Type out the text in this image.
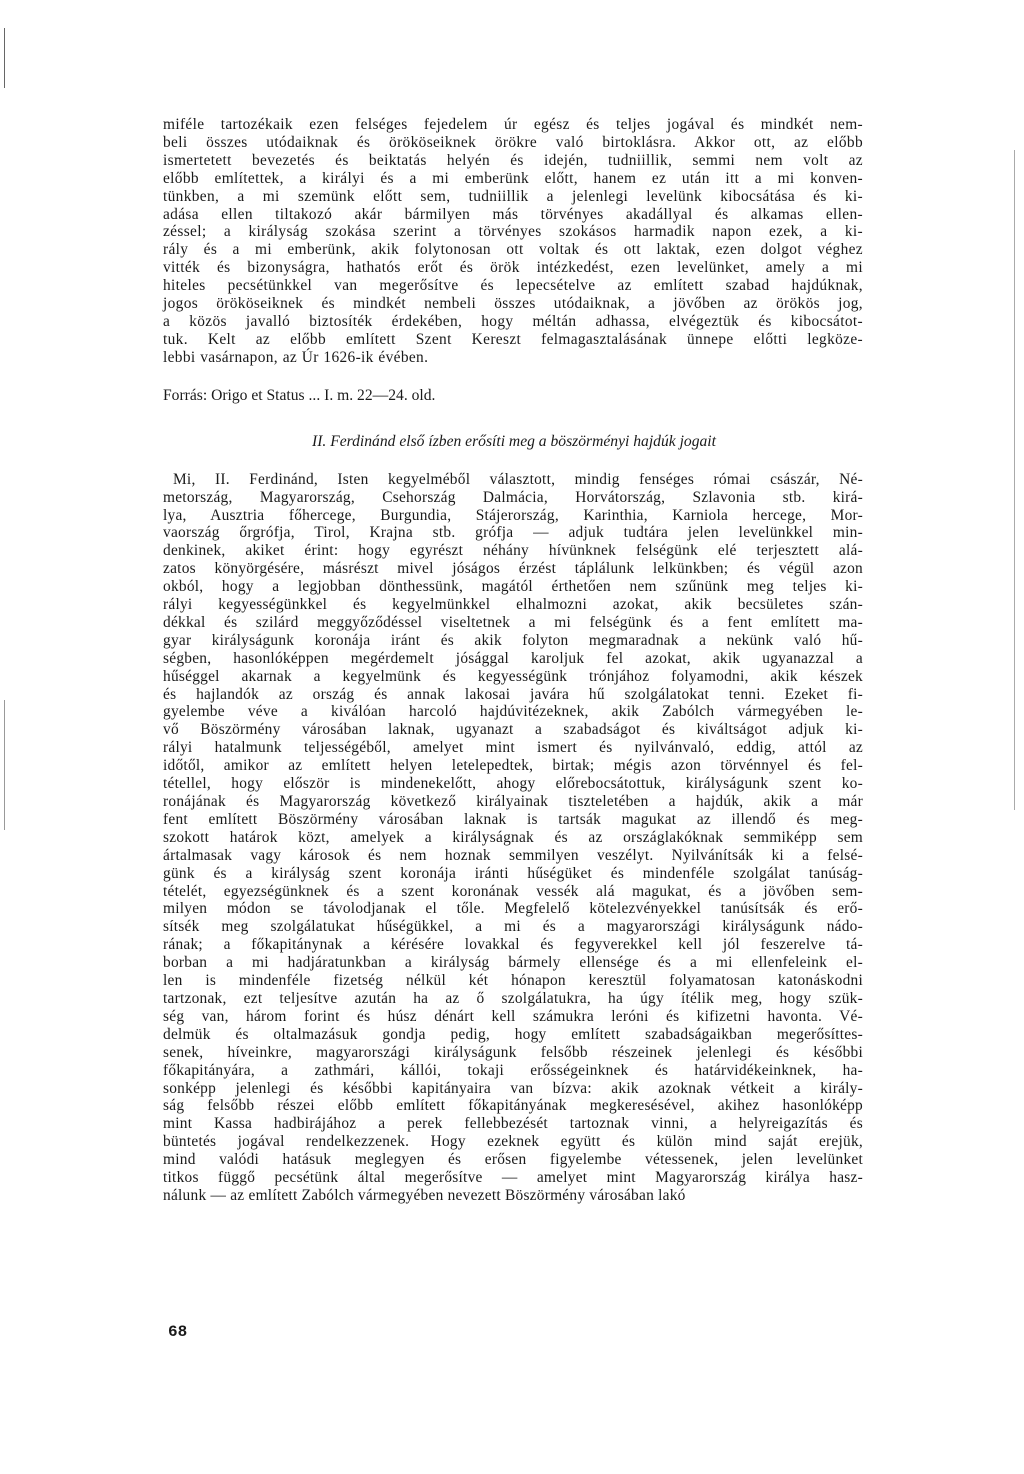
miféle tartozékaik ezen felséges fejedelem úr egész és teljes jogával és mindkét nem-
beli összes utódaiknak és örököseiknek örökre való birtoklásra. Akkor ott, az előbb
ismertetett bevezetés és beiktatás helyén és idején, tudniillik, semmi nem volt az
előbb említettek, a királyi és a mi emberünk előtt, hanem ez után itt a mi konven-
tünkben, a mi szemünk előtt sem, tudniillik a jelenlegi levelünk kibocsátása és ki-
adása ellen tiltakozó akár bármilyen más törvényes akadállyal és alkamas ellen-
zéssel; a királyság szokása szerint a törvényes szokásos harmadik napon ezek, a ki-
rály és a mi emberünk, akik folytonosan ott voltak és ott laktak, ezen dolgot véghez
vitték és bizonyságra, hathatós erőt és örök intézkedést, ezen levelünket, amely a mi
hiteles pecsétünkkel van megerősítve és lepecsételve az említett szabad hajdúknak,
jogos örököseiknek és mindkét nembeli összes utódaiknak, a jövőben az örökös jog,
a közös javalló biztosíték érdekében, hogy méltán adhassa, elvégeztük és kibocsátot-
tuk. Kelt az előbb említett Szent Kereszt felmagasztalásának ünnepe előtti legköze-
lebbi vasárnapon, az Úr 1626-ik évében.

Forrás: Origo et Status ... I. m. 22—24. old.

II. Ferdinánd első ízben erősíti meg a böszörményi hajdúk jogait

Mi, II. Ferdinánd, Isten kegyelméből választott, mindig fenséges római császár, Né-
metország, Magyarország, Csehország Dalmácia, Horvátország, Szlavonia stb. kirá-
lya, Ausztria főhercege, Burgundia, Stájerország, Karinthia, Karniola hercege, Mor-
vaország őrgrófja, Tirol, Krajna stb. grófja — adjuk tudtára jelen levelünkkel min-
denkinek, akiket érint: hogy egyrészt néhány hívünknek felségünk elé terjesztett alá-
zatos könyörgésére, másrészt mivel jóságos érzést táplálunk lelkünkben; és végül azon
okból, hogy a legjobban dönthessünk, magától érthetően nem szűnünk meg teljes ki-
rályi kegyességünkkel és kegyelmünkkel elhalmozni azokat, akik becsületes szán-
dékkal és szilárd meggyőződéssel viseltetnek a mi felségünk és a fent említett ma-
gyar királyságunk koronája iránt és akik folyton megmaradnak a nekünk való hű-
ségben, hasonlóképpen megérdemelt jósággal karoljuk fel azokat, akik ugyanazzal a
hűséggel akarnak a kegyelmünk és kegyességünk trónjához folyamodni, akik készek
és hajlandók az ország és annak lakosai javára hű szolgálatokat tenni. Ezeket fi-
gyelembe véve a kiválóan harcoló hajdúvitézeknek, akik Zabólch vármegyében le-
vő Böszörmény városában laknak, ugyanazt a szabadságot és kiváltságot adjuk ki-
rályi hatalmunk teljességéből, amelyet mint ismert és nyilvánvaló, eddig, attól az
időtől, amikor az említett helyen letelepedtek, birtak; mégis azon törvénnyel és fel-
tétellel, hogy először is mindenekelőtt, ahogy előrebocsátottuk, királyságunk szent ko-
ronájának és Magyarország következő királyainak tiszteletében a hajdúk, akik a már
fent említett Böszörmény városában laknak is tartsák magukat az illendő és meg-
szokott határok közt, amelyek a királyságnak és az országlakóknak semmiképp sem
ártalmasak vagy károsok és nem hoznak semmilyen veszélyt. Nyilvánítsák ki a felsé-
günk és a királyság szent koronája iránti hűségüket és mindenféle szolgálat tanúság-
tételét, egyezségünknek és a szent koronának vessék alá magukat, és a jövőben sem-
milyen módon se távolodjanak el tőle. Megfelelő kötelezvényekkel tanúsítsák és erő-
sítsék meg szolgálatukat hűségükkel, a mi és a magyarországi királyságunk nádo-
rának; a főkapitánynak a kérésére lovakkal és fegyverekkel kell jól feszerelve tá-
borban a mi hadjáratunkban a királyság bármely ellensége és a mi ellenfeleink el-
len is mindenféle fizetség nélkül két hónapon keresztül folyamatosan katonáskodni
tartzonak, ezt teljesítve azután ha az ő szolgálatukra, ha úgy ítélik meg, hogy szük-
ség van, három forint és húsz dénárt kell számukra leróni és kifizetni havonta. Vé-
delmük és oltalmazásuk gondja pedig, hogy említett szabadságaikban megerősíttes-
senek, híveinkre, magyarországi királyságunk felsőbb részeinek jelenlegi és későbbi
főkapitányára, a zathmári, kállói, tokaji erősségeinknek és határvidékeinknek, ha-
sonképp jelenlegi és későbbi kapitányaira van bízva: akik azoknak vétkeit a király-
ság felsőbb részei előbb említett főkapitányának megkeresésével, akihez hasonlóképp
mint Kassa hadbirájához a perek fellebbezését tartoznak vinni, a helyreigazítás és
büntetés jogával rendelkezzenek. Hogy ezeknek együtt és külön mind saját erejük,
mind valódi hatásuk meglegyen és erősen figyelembe vétessenek, jelen levelünket
titkos függő pecsétünk által megerősítve — amelyet mint Magyarország királya hasz-
nálunk — az említett Zabólch vármegyében nevezett Böszörmény városában lakó
68
